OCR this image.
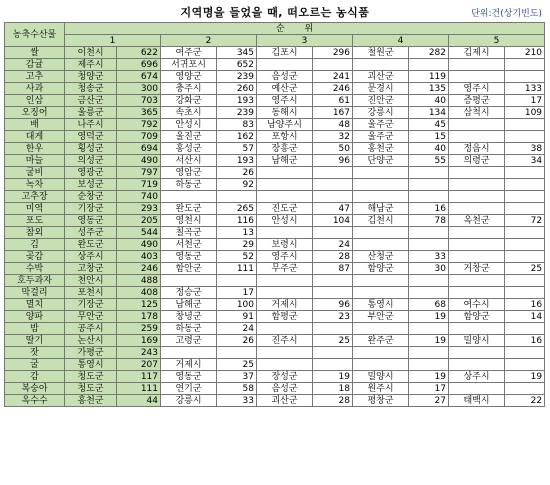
지역명을 들었을 때, 떠오르는 농식품	단위:건(상기빈도)
농축수산물	순위									
	1		2		3		4		5	
쌀	이천시	622	여주군	345	김포시	296	철원군	282	김제시	210
감귤	제주시	696	서귀포시	652						
고추	청양군	674	영양군	239	음성군	241	괴산군	119		
사과	청송군	300	충주시	260	예산군	246	문경시	135	영주시	133
인삼	금산군	703	강화군	193	영주시	61	진안군	40	증평군	17
오징어	울릉군	365	속초시	239	동해시	167	강릉시	134	삼척시	109
배	나주시	792	안성시	83	남양주시	48	울주군	45		
대게	영덕군	709	울진군	162	포항시	32	울주군	15		
한우	횡성군	694	홍성군	57	장흥군	50	홍천군	40	정읍시	38
마늘	의성군	490	서산시	193	남해군	96	단양군	55	의령군	34
굴비	영광군	797	영암군	26						
녹차	보성군	719	하동군	92						
고추장	순창군	740								
미역	기장군	293	완도군	265	진도군	47	해남군	16		
포도	영동군	205	영천시	116	안성시	104	김천시	78	옥천군	72
참외	성주군	544	칠곡군	13						
김	완도군	490	서천군	29	보령시	24				
곶감	상주시	403	영동군	52	영주시	28	산청군	33		
수박	고창군	246	함안군	111	무주군	87	함양군	30	거창군	25
호두과자	천안시	488								
막걸리	포천시	408	정승군	17						
멸치	기장군	125	남해군	100	거제시	96	통영시	68	여수시	16
양파	무안군	178	창녕군	91	함평군	23	부안군	19	함양군	14
밤	공주시	259	하동군	24						
딸기	논산시	169	고령군	26	진주시	25	완주군	19	밀양시	16
잣	가평군	243								
굴	통영시	207	거제시	25						
감	청도군	117	영동군	37	장성군	19	밀양시	19	상주시	19
복숭아	청도군	111	연기군	58	음성군	18	원주시	17		
옥수수	홍천군	44	강릉시	33	괴산군	28	평창군	27	태백시	22
